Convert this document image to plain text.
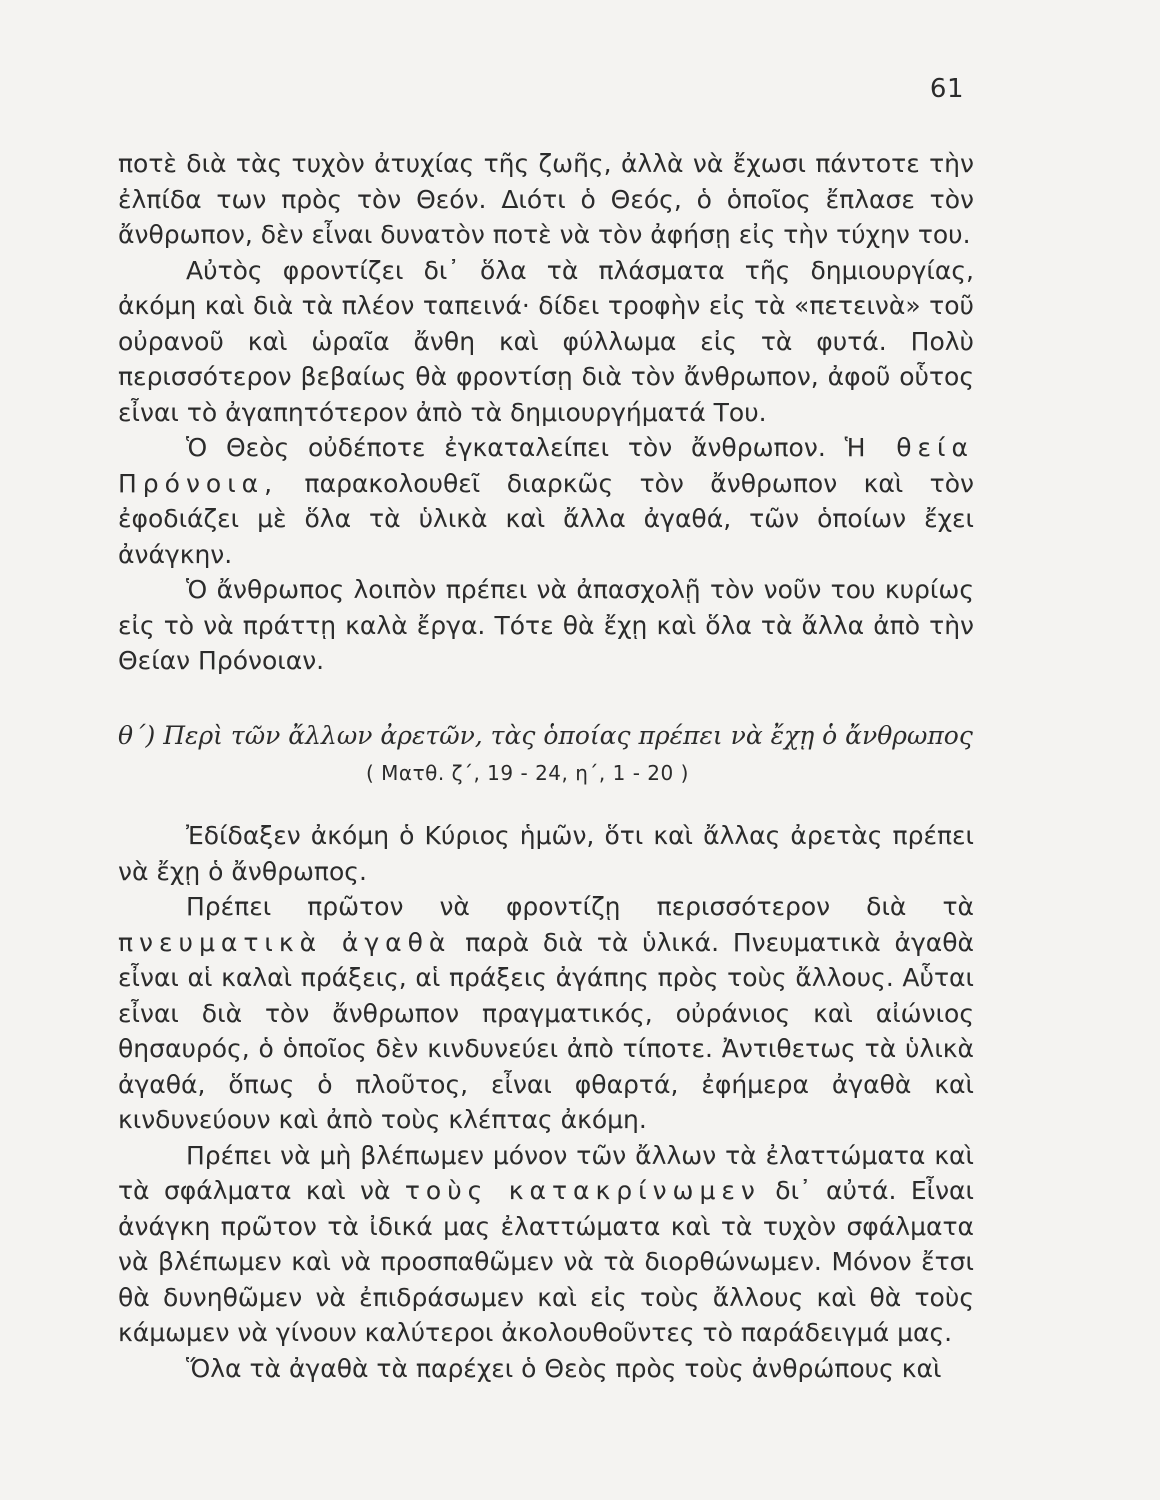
61

ποτὲ διὰ τὰς τυχὸν ἀτυχίας τῆς ζωῆς, ἀλλὰ νὰ ἔχωσι πάντοτε τὴν ἐλπίδα των πρὸς τὸν Θεόν. Διότι ὁ Θεός, ὁ ὁποῖος ἔπλασε τὸν ἄνθρωπον, δὲν εἶναι δυνατὸν ποτὲ νὰ τὸν ἀφήσῃ εἰς τὴν τύχην του.

Αὐτὸς φροντίζει δι᾿ ὅλα τὰ πλάσματα τῆς δημιουργίας, ἀκόμη καὶ διὰ τὰ πλέον ταπεινά· δίδει τροφὴν εἰς τὰ «πετεινὰ» τοῦ οὐρανοῦ καὶ ὡραῖα ἄνθη καὶ φύλλωμα εἰς τὰ φυτά. Πολὺ περισσότερον βεβαίως θὰ φροντίσῃ διὰ τὸν ἄνθρωπον, ἀφοῦ οὗτος εἶναι τὸ ἀγαπητότερον ἀπὸ τὰ δημιουργήματά Του.

Ὁ Θεὸς οὐδέποτε ἐγκαταλείπει τὸν ἄνθρωπον. Ἡ θεία Πρόνοια, παρακολουθεῖ διαρκῶς τὸν ἄνθρωπον καὶ τὸν ἐφοδιάζει μὲ ὅλα τὰ ὑλικὰ καὶ ἄλλα ἀγαθά, τῶν ὁποίων ἔχει ἀνάγκην.

Ὁ ἄνθρωπος λοιπὸν πρέπει νὰ ἀπασχολῇ τὸν νοῦν του κυρίως εἰς τὸ νὰ πράττῃ καλὰ ἔργα. Τότε θὰ ἔχῃ καὶ ὅλα τὰ ἄλλα ἀπὸ τὴν Θείαν Πρόνοιαν.

θ΄) Περὶ τῶν ἄλλων ἀρετῶν, τὰς ὁποίας πρέπει νὰ ἔχῃ ὁ ἄνθρωπος

( Ματθ. ζ΄, 19 - 24, η΄, 1 - 20 )

Ἐδίδαξεν ἀκόμη ὁ Κύριος ἡμῶν, ὅτι καὶ ἄλλας ἀρετὰς πρέπει νὰ ἔχῃ ὁ ἄνθρωπος.

Πρέπει πρῶτον νὰ φροντίζῃ περισσότερον διὰ τὰ πνευματικὰ ἀγαθὰ παρὰ διὰ τὰ ὑλικά. Πνευματικὰ ἀγαθὰ εἶναι αἱ καλαὶ πράξεις, αἱ πράξεις ἀγάπης πρὸς τοὺς ἄλλους. Αὗται εἶναι διὰ τὸν ἄνθρωπον πραγματικός, οὐράνιος καὶ αἰώνιος θησαυρός, ὁ ὁποῖος δὲν κινδυνεύει ἀπὸ τίποτε. Ἀντιθετως τὰ ὑλικὰ ἀγαθά, ὅπως ὁ πλοῦτος, εἶναι φθαρτά, ἐφήμερα ἀγαθὰ καὶ κινδυνεύουν καὶ ἀπὸ τοὺς κλέπτας ἀκόμη.

Πρέπει νὰ μὴ βλέπωμεν μόνον τῶν ἄλλων τὰ ἐλαττώματα καὶ τὰ σφάλματα καὶ νὰ τοὺς κατακρίνωμεν δι᾿ αὐτά. Εἶναι ἀνάγκη πρῶτον τὰ ἰδικά μας ἐλαττώματα καὶ τὰ τυχὸν σφάλματα νὰ βλέπωμεν καὶ νὰ προσπαθῶμεν νὰ τὰ διορθώνωμεν. Μόνον ἔτσι θὰ δυνηθῶμεν νὰ ἐπιδράσωμεν καὶ εἰς τοὺς ἄλλους καὶ θὰ τοὺς κάμωμεν νὰ γίνουν καλύτεροι ἀκολουθοῦντες τὸ παράδειγμά μας.

Ὅλα τὰ ἀγαθὰ τὰ παρέχει ὁ Θεὸς πρὸς τοὺς ἀνθρώπους καὶ
